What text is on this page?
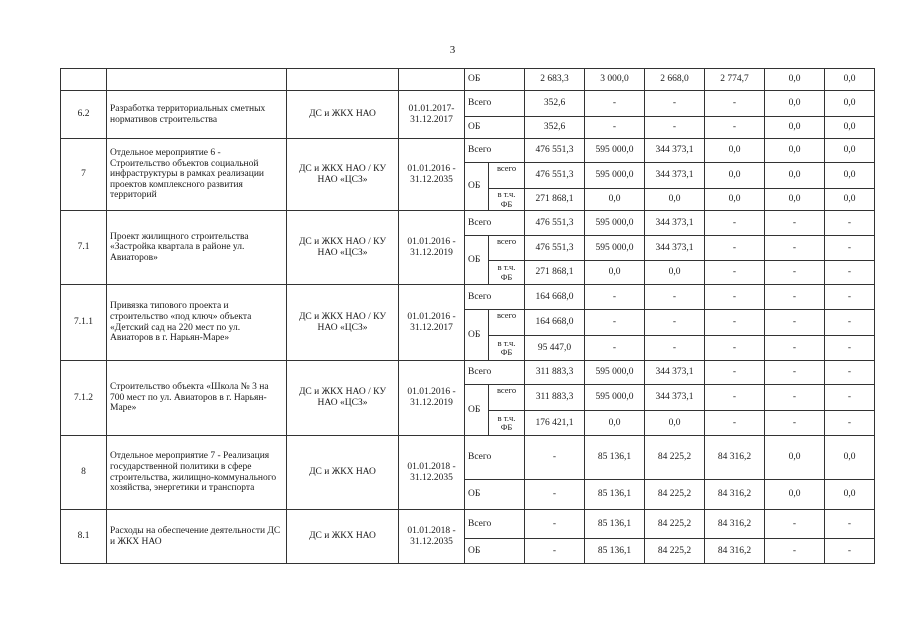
3
				ОБ		2 683,3	3 000,0	2 668,0	2 774,7	0,0	0,0
6.2	Разработка территориальных сметных нормативов строительства	ДС и ЖКХ НАО	01.01.2017-31.12.2017	Всего		352,6	-	-	-	0,0	0,0
				ОБ		352,6	-	-	-	0,0	0,0
7	Отдельное мероприятие 6 - Строительство объектов социальной инфраструктуры в рамках реализации проектов комплексного развития территорий	ДС и ЖКХ НАО / КУ НАО «ЦСЗ»	01.01.2016 - 31.12.2035	Всего		476 551,3	595 000,0	344 373,1	0,0	0,0	0,0
				ОБ	всего	476 551,3	595 000,0	344 373,1	0,0	0,0	0,0
					в т.ч. ФБ	271 868,1	0,0	0,0	0,0	0,0	0,0
7.1	Проект жилищного строительства «Застройка квартала в районе ул. Авиаторов»	ДС и ЖКХ НАО / КУ НАО «ЦСЗ»	01.01.2016 - 31.12.2019	Всего		476 551,3	595 000,0	344 373,1	-	-	-
				ОБ	всего	476 551,3	595 000,0	344 373,1	-	-	-
					в т.ч. ФБ	271 868,1	0,0	0,0	-	-	-
7.1.1	Привязка типового проекта и строительство «под ключ» объекта «Детский сад на 220 мест по ул. Авиаторов в г. Нарьян-Маре»	ДС и ЖКХ НАО / КУ НАО «ЦСЗ»	01.01.2016 - 31.12.2017	Всего		164 668,0	-	-	-	-	-
				ОБ	всего	164 668,0	-	-	-	-	-
					в т.ч. ФБ	95 447,0	-	-	-	-	-
7.1.2	Строительство объекта «Школа № 3 на 700 мест по ул. Авиаторов в г. Нарьян-Маре»	ДС и ЖКХ НАО / КУ НАО «ЦСЗ»	01.01.2016 - 31.12.2019	Всего		311 883,3	595 000,0	344 373,1	-	-	-
				ОБ	всего	311 883,3	595 000,0	344 373,1	-	-	-
					в т.ч. ФБ	176 421,1	0,0	0,0	-	-	-
8	Отдельное мероприятие 7 - Реализация государственной политики в сфере строительства, жилищно-коммунального хозяйства, энергетики и транспорта	ДС и ЖКХ НАО	01.01.2018 - 31.12.2035	Всего		-	85 136,1	84 225,2	84 316,2	0,0	0,0
				ОБ		-	85 136,1	84 225,2	84 316,2	0,0	0,0
8.1	Расходы на обеспечение деятельности ДС и ЖКХ НАО	ДС и ЖКХ НАО	01.01.2018 - 31.12.2035	Всего		-	85 136,1	84 225,2	84 316,2	-	-
				ОБ		-	85 136,1	84 225,2	84 316,2	-	-
